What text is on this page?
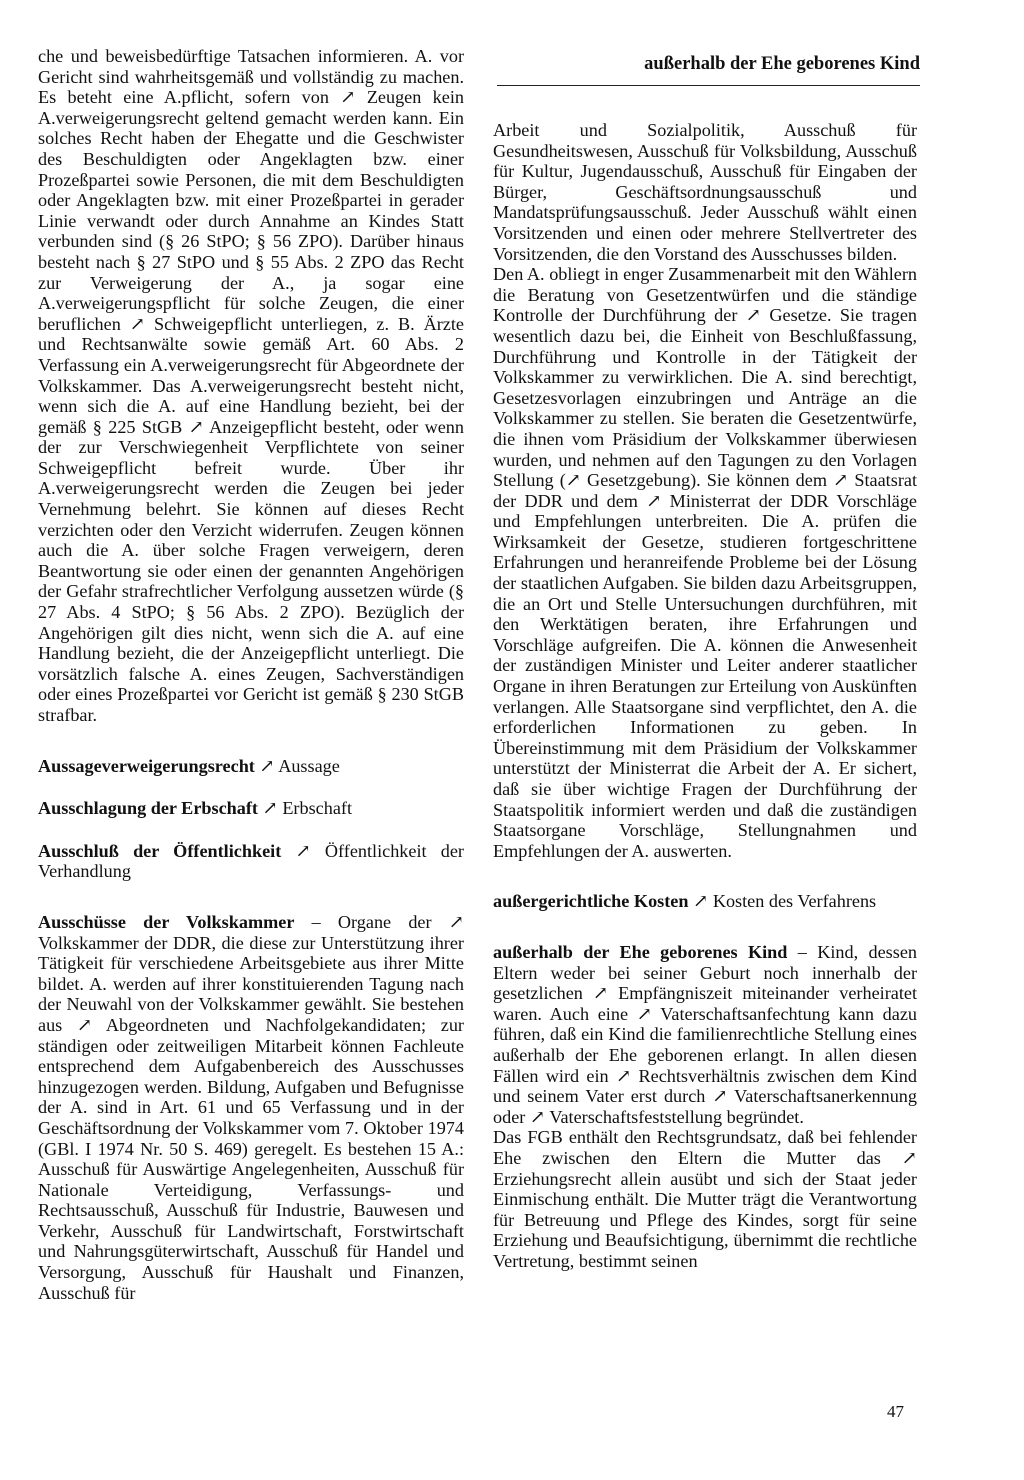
außerhalb der Ehe geborenes Kind

che und beweisbedürftige Tatsachen informieren. A. vor Gericht sind wahrheitsgemäß und vollständig zu machen. Es beteht eine A.pflicht, sofern von ↗ Zeugen kein A.verweigerungsrecht geltend gemacht werden kann. Ein solches Recht haben der Ehegatte und die Geschwister des Beschuldigten oder Angeklagten bzw. einer Prozeßpartei sowie Personen, die mit dem Beschuldigten oder Angeklagten bzw. mit einer Prozeßpartei in gerader Linie verwandt oder durch Annahme an Kindes Statt verbunden sind (§ 26 StPO; § 56 ZPO). Darüber hinaus besteht nach § 27 StPO und § 55 Abs. 2 ZPO das Recht zur Verweigerung der A., ja sogar eine A.verweigerungspflicht für solche Zeugen, die einer beruflichen ↗ Schweigepflicht unterliegen, z. B. Ärzte und Rechtsanwälte sowie gemäß Art. 60 Abs. 2 Verfassung ein A.verweigerungsrecht für Abgeordnete der Volkskammer. Das A.verweigerungsrecht besteht nicht, wenn sich die A. auf eine Handlung bezieht, bei der gemäß § 225 StGB ↗ Anzeigepflicht besteht, oder wenn der zur Verschwiegenheit Verpflichtete von seiner Schweigepflicht befreit wurde. Über ihr A.verweigerungsrecht werden die Zeugen bei jeder Vernehmung belehrt. Sie können auf dieses Recht verzichten oder den Verzicht widerrufen. Zeugen können auch die A. über solche Fragen verweigern, deren Beantwortung sie oder einen der genannten Angehörigen der Gefahr strafrechtlicher Verfolgung aussetzen würde (§ 27 Abs. 4 StPO; § 56 Abs. 2 ZPO). Bezüglich der Angehörigen gilt dies nicht, wenn sich die A. auf eine Handlung bezieht, die der Anzeigepflicht unterliegt. Die vorsätzlich falsche A. eines Zeugen, Sachverständigen oder eines Prozeßpartei vor Gericht ist gemäß § 230 StGB strafbar.

Aussageverweigerungsrecht ↗ Aussage

Ausschlagung der Erbschaft ↗ Erbschaft

Ausschluß der Öffentlichkeit ↗ Öffentlichkeit der Verhandlung

Ausschüsse der Volkskammer – Organe der ↗ Volkskammer der DDR, die diese zur Unterstützung ihrer Tätigkeit für verschiedene Arbeitsgebiete aus ihrer Mitte bildet. A. werden auf ihrer konstituierenden Tagung nach der Neuwahl von der Volkskammer gewählt. Sie bestehen aus ↗ Abgeordneten und Nachfolgekandidaten; zur ständigen oder zeitweiligen Mitarbeit können Fachleute entsprechend dem Aufgabenbereich des Ausschusses hinzugezogen werden. Bildung, Aufgaben und Befugnisse der A. sind in Art. 61 und 65 Verfassung und in der Geschäftsordnung der Volkskammer vom 7. Oktober 1974 (GBl. I 1974 Nr. 50 S. 469) geregelt. Es bestehen 15 A.: Ausschuß für Auswärtige Angelegenheiten, Ausschuß für Nationale Verteidigung, Verfassungs- und Rechtsausschuß, Ausschuß für Industrie, Bauwesen und Verkehr, Ausschuß für Landwirtschaft, Forstwirtschaft und Nahrungsgüterwirtschaft, Ausschuß für Handel und Versorgung, Ausschuß für Haushalt und Finanzen, Ausschuß für

Arbeit und Sozialpolitik, Ausschuß für Gesundheitswesen, Ausschuß für Volksbildung, Ausschuß für Kultur, Jugendausschuß, Ausschuß für Eingaben der Bürger, Geschäftsordnungsausschuß und Mandatsprüfungsausschuß. Jeder Ausschuß wählt einen Vorsitzenden und einen oder mehrere Stellvertreter des Vorsitzenden, die den Vorstand des Ausschusses bilden.

Den A. obliegt in enger Zusammenarbeit mit den Wählern die Beratung von Gesetzentwürfen und die ständige Kontrolle der Durchführung der ↗ Gesetze. Sie tragen wesentlich dazu bei, die Einheit von Beschlußfassung, Durchführung und Kontrolle in der Tätigkeit der Volkskammer zu verwirklichen. Die A. sind berechtigt, Gesetzesvorlagen einzubringen und Anträge an die Volkskammer zu stellen. Sie beraten die Gesetzentwürfe, die ihnen vom Präsidium der Volkskammer überwiesen wurden, und nehmen auf den Tagungen zu den Vorlagen Stellung (↗ Gesetzgebung). Sie können dem ↗ Staatsrat der DDR und dem ↗ Ministerrat der DDR Vorschläge und Empfehlungen unterbreiten. Die A. prüfen die Wirksamkeit der Gesetze, studieren fortgeschrittene Erfahrungen und heranreifende Probleme bei der Lösung der staatlichen Aufgaben. Sie bilden dazu Arbeitsgruppen, die an Ort und Stelle Untersuchungen durchführen, mit den Werktätigen beraten, ihre Erfahrungen und Vorschläge aufgreifen. Die A. können die Anwesenheit der zuständigen Minister und Leiter anderer staatlicher Organe in ihren Beratungen zur Erteilung von Auskünften verlangen. Alle Staatsorgane sind verpflichtet, den A. die erforderlichen Informationen zu geben. In Übereinstimmung mit dem Präsidium der Volkskammer unterstützt der Ministerrat die Arbeit der A. Er sichert, daß sie über wichtige Fragen der Durchführung der Staatspolitik informiert werden und daß die zuständigen Staatsorgane Vorschläge, Stellungnahmen und Empfehlungen der A. auswerten.

außergerichtliche Kosten ↗ Kosten des Verfahrens

außerhalb der Ehe geborenes Kind – Kind, dessen Eltern weder bei seiner Geburt noch innerhalb der gesetzlichen ↗ Empfängniszeit miteinander verheiratet waren. Auch eine ↗ Vaterschaftsanfechtung kann dazu führen, daß ein Kind die familienrechtliche Stellung eines außerhalb der Ehe geborenen erlangt. In allen diesen Fällen wird ein ↗ Rechtsverhältnis zwischen dem Kind und seinem Vater erst durch ↗ Vaterschaftsanerkennung oder ↗ Vaterschaftsfeststellung begründet.

Das FGB enthält den Rechtsgrundsatz, daß bei fehlender Ehe zwischen den Eltern die Mutter das ↗ Erziehungsrecht allein ausübt und sich der Staat jeder Einmischung enthält. Die Mutter trägt die Verantwortung für Betreuung und Pflege des Kindes, sorgt für seine Erziehung und Beaufsichtigung, übernimmt die rechtliche Vertretung, bestimmt seinen

47
